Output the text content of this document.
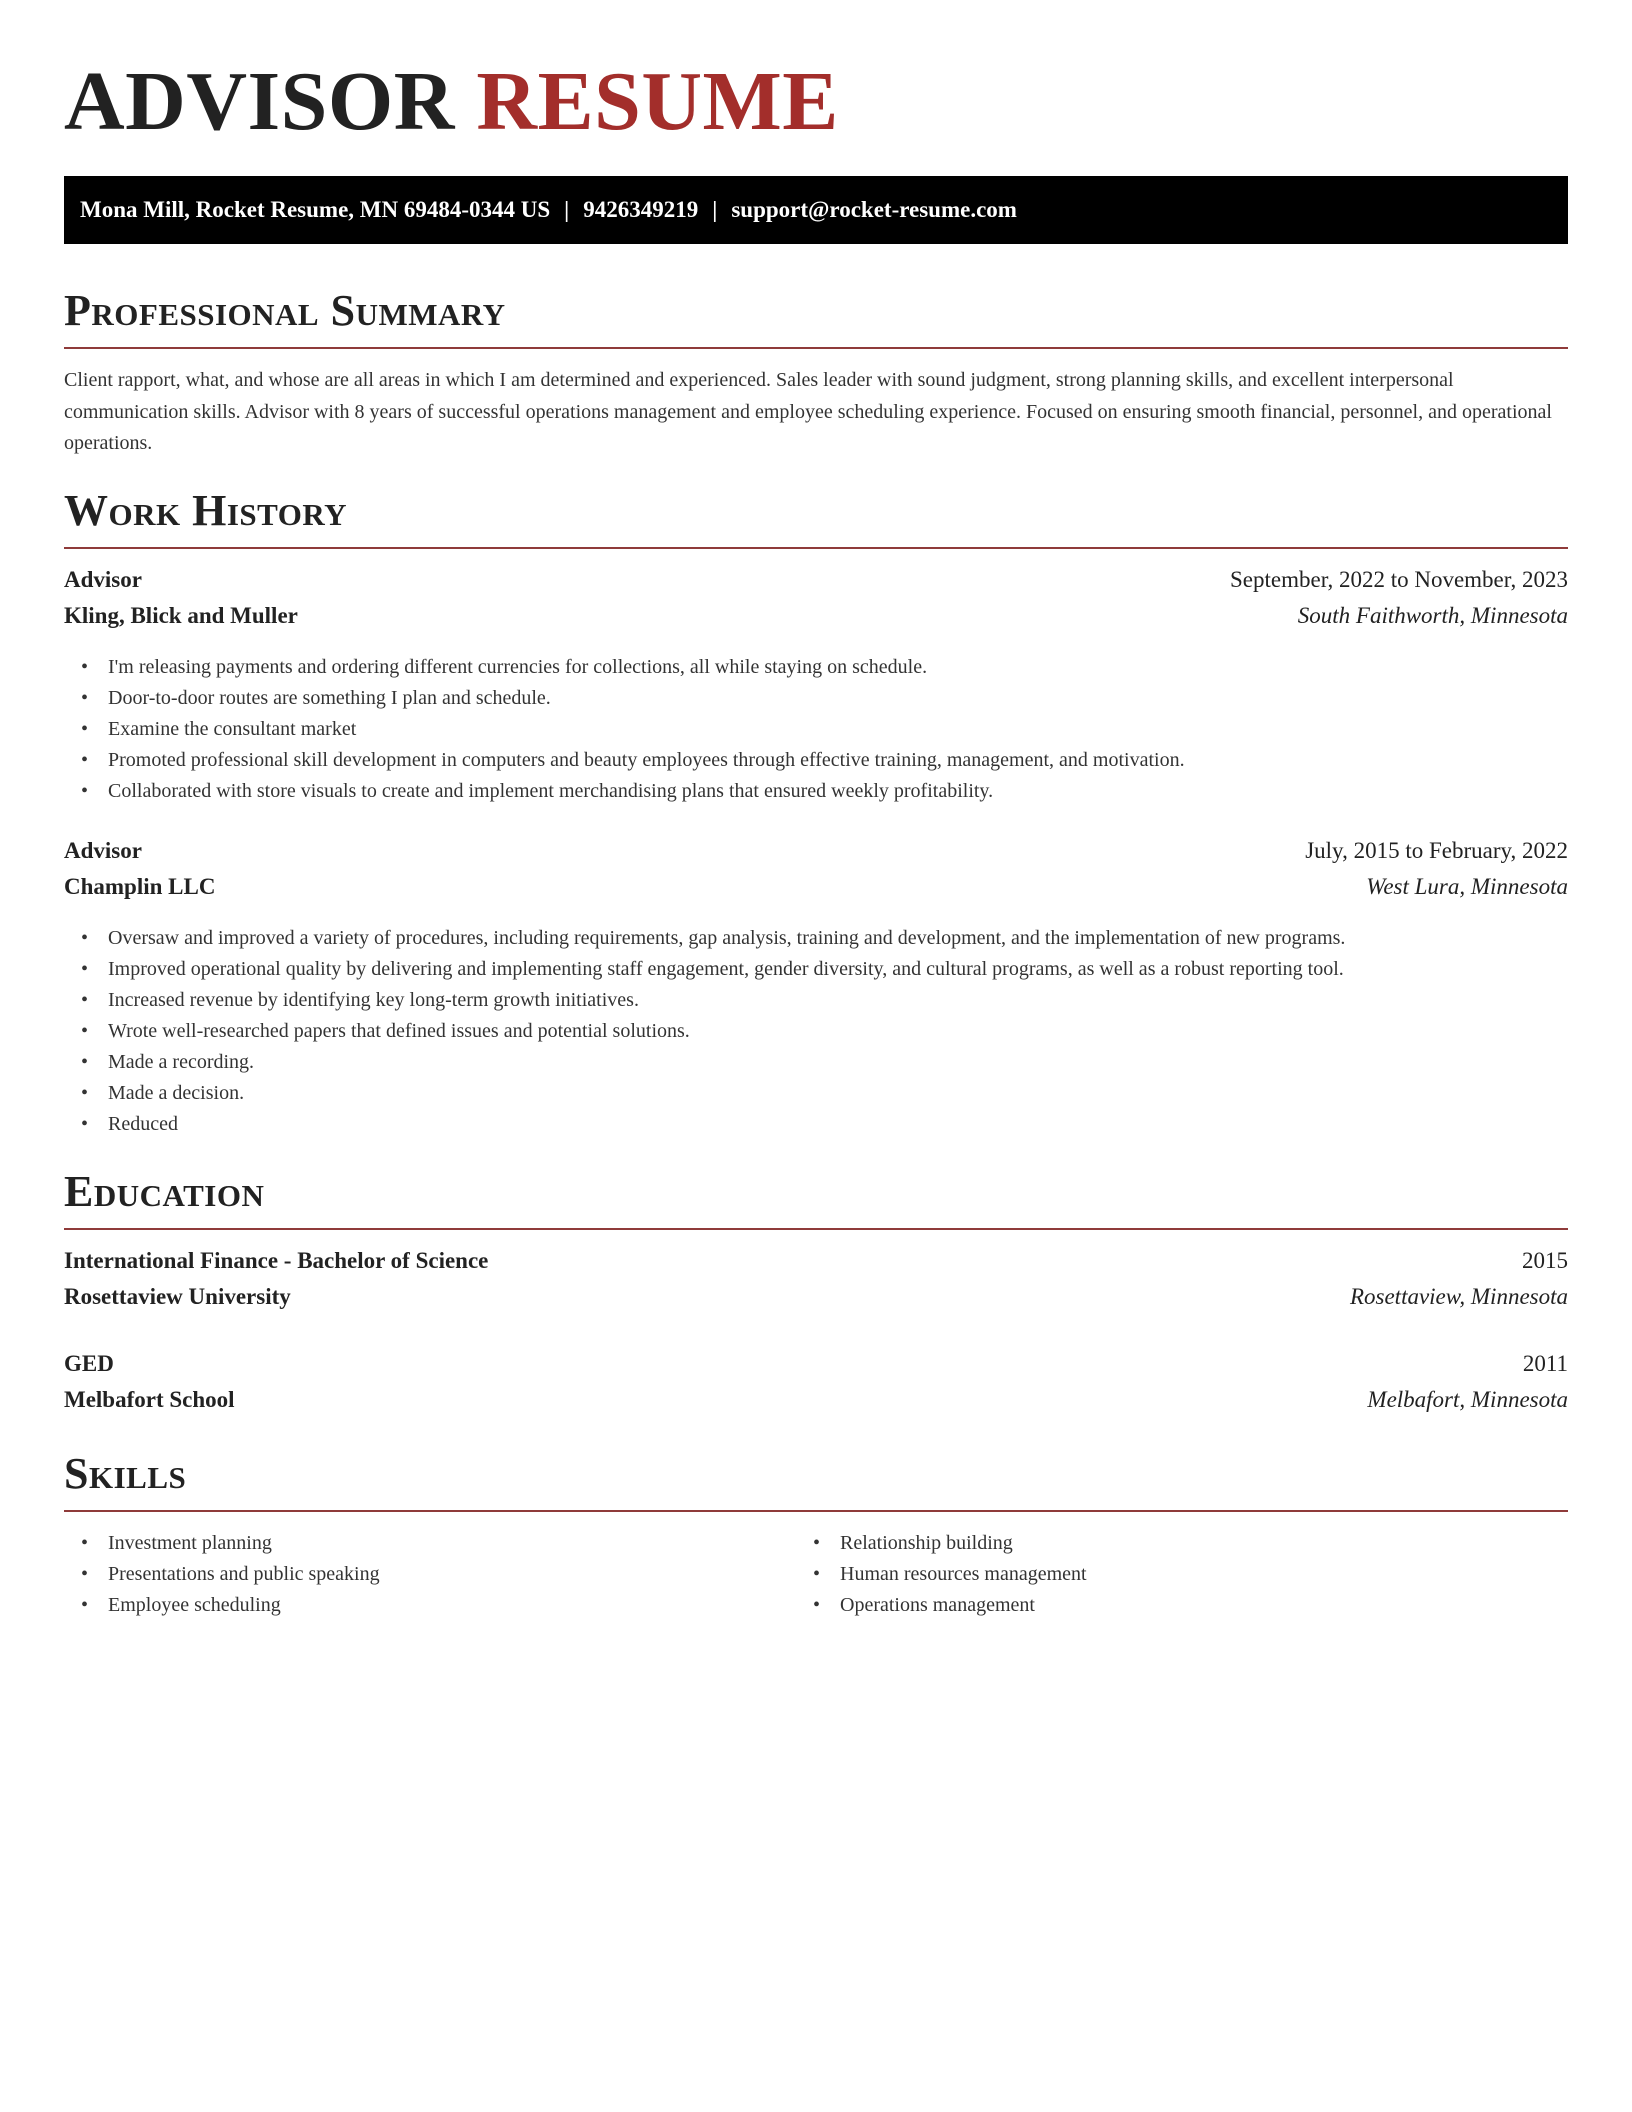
ADVISOR RESUME
Mona Mill, Rocket Resume, MN 69484-0344 US | 9426349219 | support@rocket-resume.com
Professional Summary

Client rapport, what, and whose are all areas in which I am determined and experienced. Sales leader with sound judgment, strong planning skills, and excellent interpersonal communication skills. Advisor with 8 years of successful operations management and employee scheduling experience. Focused on ensuring smooth financial, personnel, and operational operations.

Work History
Advisor	September, 2022 to November, 2023
Kling, Blick and Muller	South Faithworth, Minnesota
• I'm releasing payments and ordering different currencies for collections, all while staying on schedule.
• Door-to-door routes are something I plan and schedule.
• Examine the consultant market
• Promoted professional skill development in computers and beauty employees through effective training, management, and motivation.
• Collaborated with store visuals to create and implement merchandising plans that ensured weekly profitability.
Advisor	July, 2015 to February, 2022
Champlin LLC	West Lura, Minnesota
• Oversaw and improved a variety of procedures, including requirements, gap analysis, training and development, and the implementation of new programs.
• Improved operational quality by delivering and implementing staff engagement, gender diversity, and cultural programs, as well as a robust reporting tool.
• Increased revenue by identifying key long-term growth initiatives.
• Wrote well-researched papers that defined issues and potential solutions.
• Made a recording.
• Made a decision.
• Reduced
Education
International Finance - Bachelor of Science	2015
Rosettaview University	Rosettaview, Minnesota
GED	2011
Melbafort School	Melbafort, Minnesota
Skills
• Investment planning
• Presentations and public speaking
• Employee scheduling
• Relationship building
• Human resources management
• Operations management
